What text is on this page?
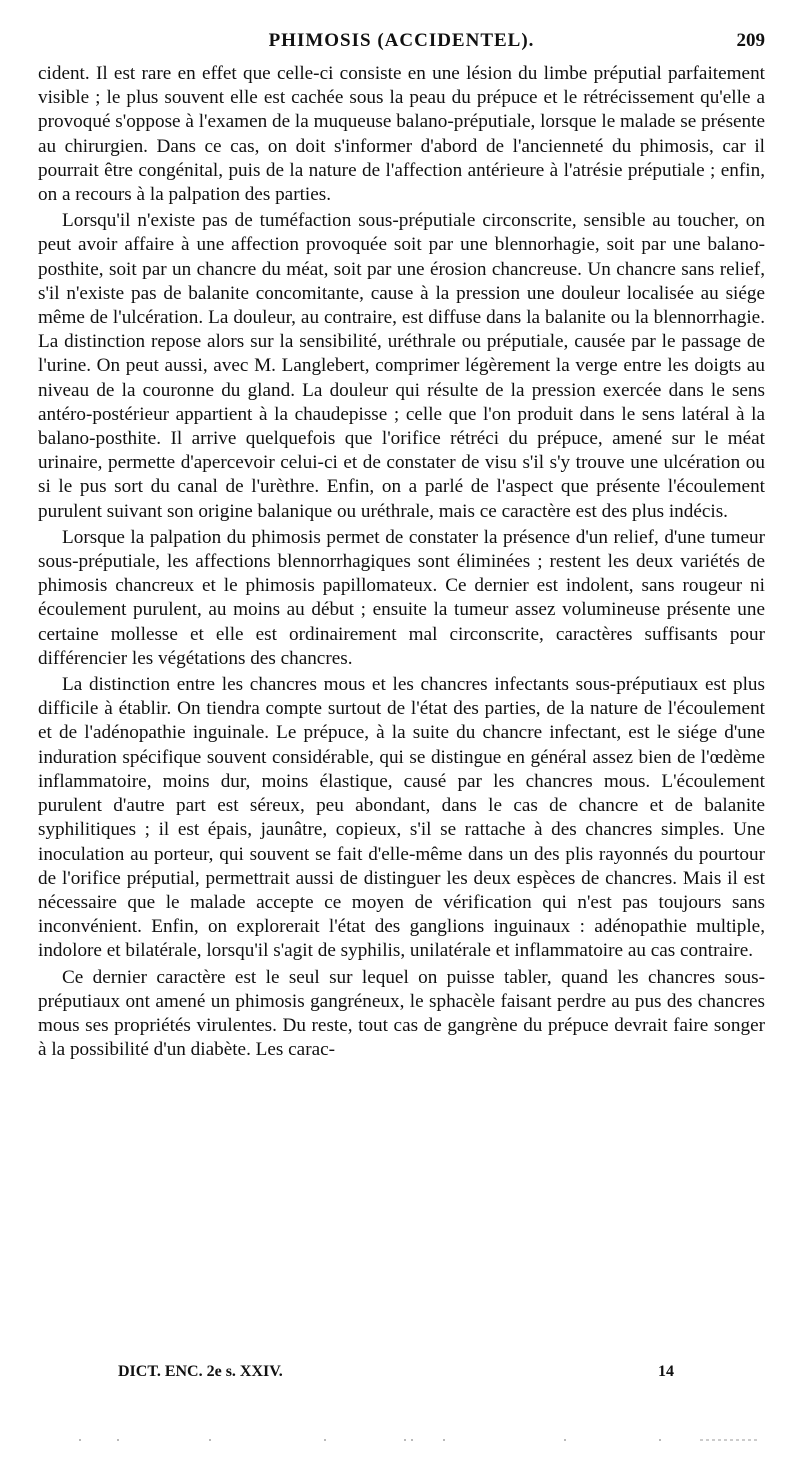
PHIMOSIS (ACCIDENTEL).	209

cident. Il est rare en effet que celle-ci consiste en une lésion du limbe préputial parfaitement visible ; le plus souvent elle est cachée sous la peau du prépuce et le rétrécissement qu'elle a provoqué s'oppose à l'examen de la muqueuse balano-préputiale, lorsque le malade se présente au chirurgien. Dans ce cas, on doit s'informer d'abord de l'ancienneté du phimosis, car il pourrait être congénital, puis de la nature de l'affection antérieure à l'atrésie préputiale ; enfin, on a recours à la palpation des parties.

Lorsqu'il n'existe pas de tuméfaction sous-préputiale circonscrite, sensible au toucher, on peut avoir affaire à une affection provoquée soit par une blennorhagie, soit par une balano-posthite, soit par un chancre du méat, soit par une érosion chancreuse. Un chancre sans relief, s'il n'existe pas de balanite concomitante, cause à la pression une douleur localisée au siége même de l'ulcération. La douleur, au contraire, est diffuse dans la balanite ou la blennorrhagie. La distinction repose alors sur la sensibilité, uréthrale ou préputiale, causée par le passage de l'urine. On peut aussi, avec M. Langlebert, comprimer légèrement la verge entre les doigts au niveau de la couronne du gland. La douleur qui résulte de la pression exercée dans le sens antéro-postérieur appartient à la chaudepisse ; celle que l'on produit dans le sens latéral à la balano-posthite. Il arrive quelquefois que l'orifice rétréci du prépuce, amené sur le méat urinaire, permette d'apercevoir celui-ci et de constater de visu s'il s'y trouve une ulcération ou si le pus sort du canal de l'urèthre. Enfin, on a parlé de l'aspect que présente l'écoulement purulent suivant son origine balanique ou uréthrale, mais ce caractère est des plus indécis.

Lorsque la palpation du phimosis permet de constater la présence d'un relief, d'une tumeur sous-préputiale, les affections blennorrhagiques sont éliminées ; restent les deux variétés de phimosis chancreux et le phimosis papillomateux. Ce dernier est indolent, sans rougeur ni écoulement purulent, au moins au début ; ensuite la tumeur assez volumineuse présente une certaine mollesse et elle est ordinairement mal circonscrite, caractères suffisants pour différencier les végétations des chancres.

La distinction entre les chancres mous et les chancres infectants sous-préputiaux est plus difficile à établir. On tiendra compte surtout de l'état des parties, de la nature de l'écoulement et de l'adénopathie inguinale. Le prépuce, à la suite du chancre infectant, est le siége d'une induration spécifique souvent considérable, qui se distingue en général assez bien de l'œdème inflammatoire, moins dur, moins élastique, causé par les chancres mous. L'écoulement purulent d'autre part est séreux, peu abondant, dans le cas de chancre et de balanite syphilitiques ; il est épais, jaunâtre, copieux, s'il se rattache à des chancres simples. Une inoculation au porteur, qui souvent se fait d'elle-même dans un des plis rayonnés du pourtour de l'orifice préputial, permettrait aussi de distinguer les deux espèces de chancres. Mais il est nécessaire que le malade accepte ce moyen de vérification qui n'est pas toujours sans inconvénient. Enfin, on explorerait l'état des ganglions inguinaux : adénopathie multiple, indolore et bilatérale, lorsqu'il s'agit de syphilis, unilatérale et inflammatoire au cas contraire.

Ce dernier caractère est le seul sur lequel on puisse tabler, quand les chancres sous-préputiaux ont amené un phimosis gangréneux, le sphacèle faisant perdre au pus des chancres mous ses propriétés virulentes. Du reste, tout cas de gangrène du prépuce devrait faire songer à la possibilité d'un diabète. Les carac-

DICT. ENC. 2e s. XXIV.	14
